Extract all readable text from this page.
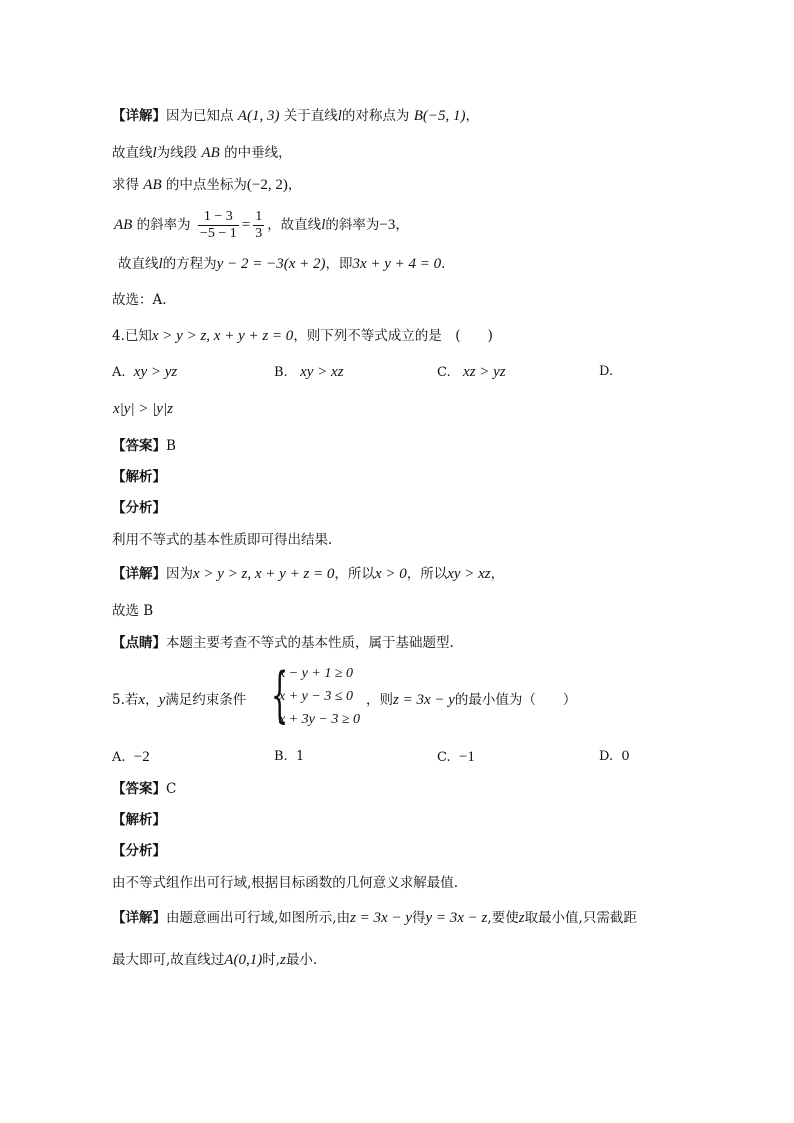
【详解】因为已知点 A(1, 3) 关于直线l的对称点为 B(−5, 1)，
故直线l为线段 AB 的中垂线，
求得 AB 的中点坐标为(−2, 2)，
AB 的斜率为 $\frac{1 - 3}{-5 - 1} = \frac{1}{3}$ ，故直线l的斜率为−3，
故直线l的方程为y − 2 = −3(x + 2)，即3x + y + 4 = 0.
故选：A.
4.已知x > y > z, x + y + z = 0，则下列不等式成立的是　(　　)
A. xy > yz	B. xy > xz	C. xz > yz	D.
x|y| > |y|z
【答案】B
【解析】
【分析】
利用不等式的基本性质即可得出结果.
【详解】因为x > y > z, x + y + z = 0，所以x > 0，所以xy > xz，
故选 B
【点睛】本题主要考查不等式的基本性质，属于基础题型.
5.若x，y满足约束条件 {
x − y + 1 ≥ 0
x + y − 3 ≤ 0
x + 3y − 3 ≥ 0
，则z = 3x − y的最小值为（　　）
A. −2	B. 1	C. −1	D. 0
【答案】C
【解析】
【分析】
由不等式组作出可行域,根据目标函数的几何意义求解最值.
【详解】由题意画出可行域,如图所示,由z = 3x − y得y = 3x − z,要使z取最小值,只需截距
最大即可,故直线过A(0,1)时,z最小.
